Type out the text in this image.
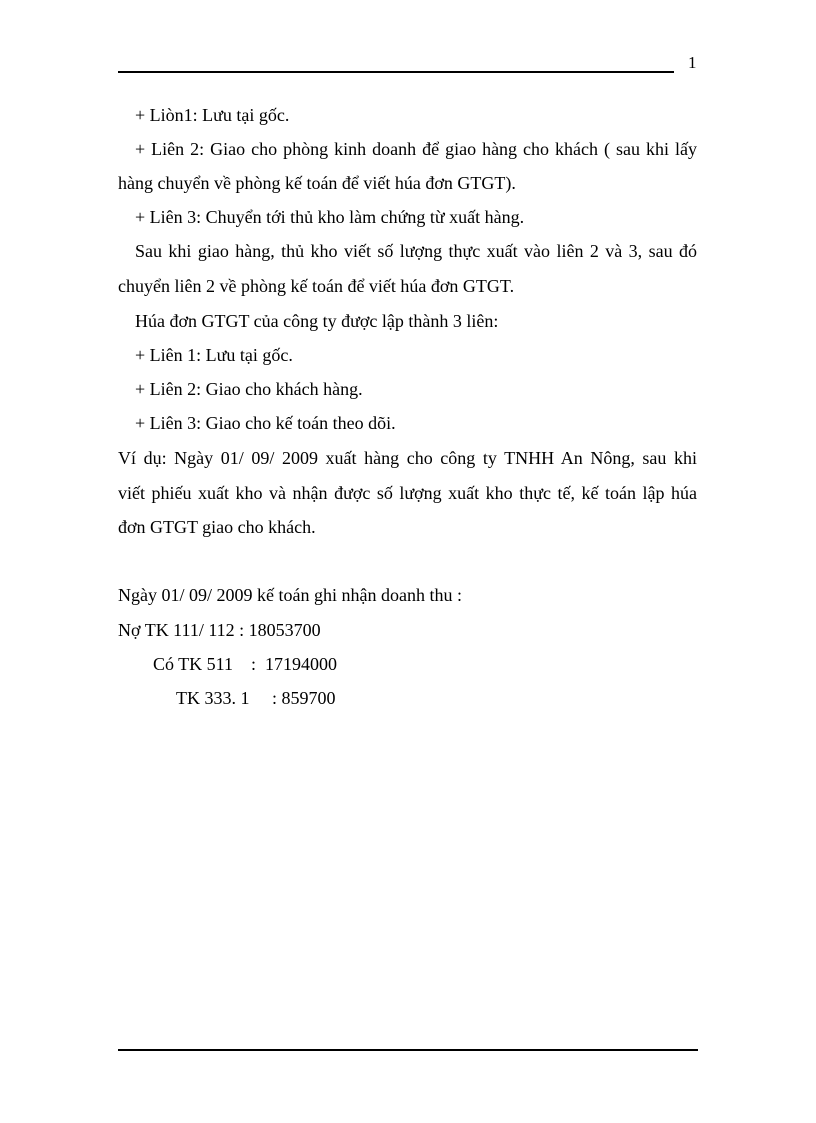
1
+ Liòn1: Lưu tại gốc.
+ Liên 2: Giao cho phòng kinh doanh để giao hàng cho khách ( sau khi lấy
hàng chuyển về phòng kế toán để viết húa đơn GTGT).
+ Liên 3: Chuyển tới thủ kho làm chứng từ xuất hàng.
Sau khi giao hàng, thủ kho viết số lượng thực xuất vào liên 2 và 3, sau đó
chuyển liên 2 về phòng kế toán để viết húa đơn GTGT.
Húa đơn GTGT của công ty được lập thành 3 liên:
+ Liên 1: Lưu tại gốc.
+ Liên 2: Giao cho khách hàng.
+ Liên 3: Giao cho kế toán theo dõi.
Ví dụ: Ngày 01/ 09/ 2009 xuất hàng cho công ty TNHH An Nông, sau khi
viết phiếu xuất kho và nhận được số lượng xuất kho thực tế, kế toán lập húa
đơn GTGT giao cho khách.
Ngày 01/ 09/ 2009 kế toán ghi nhận doanh thu :
Nợ TK 111/ 112 : 18053700
Có TK 511    :  17194000
TK 333. 1     : 859700
